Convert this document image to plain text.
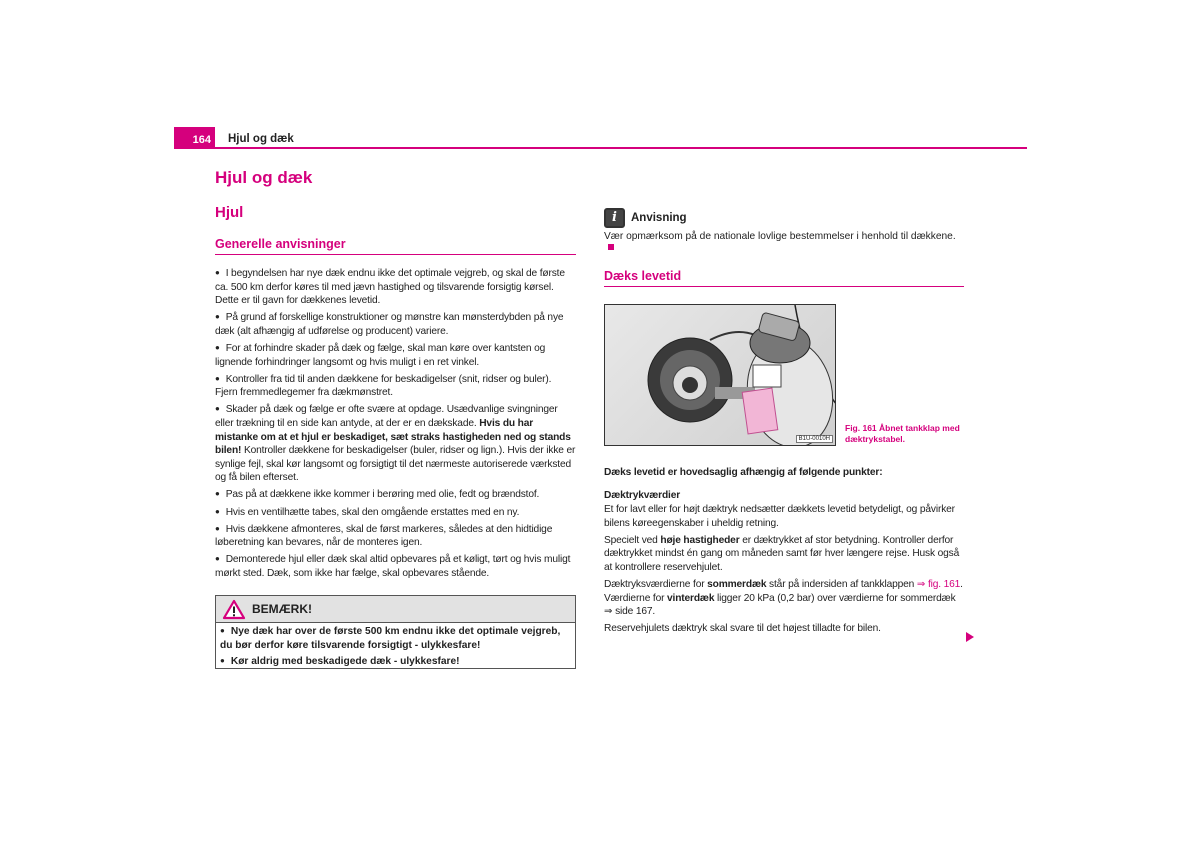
164	Hjul og dæk
Hjul og dæk
Hjul
Generelle anvisninger

● I begyndelsen har nye dæk endnu ikke det optimale vejgreb, og skal de første ca. 500 km derfor køres til med jævn hastighed og tilsvarende forsigtig kørsel. Dette er til gavn for dækkenes levetid.

● På grund af forskellige konstruktioner og mønstre kan mønsterdybden på nye dæk (alt afhængig af udførelse og producent) variere.

● For at forhindre skader på dæk og fælge, skal man køre over kantsten og lignende forhindringer langsomt og hvis muligt i en ret vinkel.

● Kontroller fra tid til anden dækkene for beskadigelser (snit, ridser og buler). Fjern fremmedlegemer fra dækmønstret.

● Skader på dæk og fælge er ofte svære at opdage. Usædvanlige svingninger eller trækning til en side kan antyde, at der er en dækskade. Hvis du har mistanke om at et hjul er beskadiget, sæt straks hastigheden ned og stands bilen! Kontroller dækkene for beskadigelser (buler, ridser og lign.). Hvis der ikke er synlige fejl, skal kør langsomt og forsigtigt til det nærmeste autoriserede værksted og få bilen efterset.

● Pas på at dækkene ikke kommer i berøring med olie, fedt og brændstof.

● Hvis en ventilhætte tabes, skal den omgående erstattes med en ny.

● Hvis dækkene afmonteres, skal de først markeres, således at den hidtidige løberetning kan bevares, når de monteres igen.

● Demonterede hjul eller dæk skal altid opbevares på et køligt, tørt og hvis muligt mørkt sted. Dæk, som ikke har fælge, skal opbevares stående.

BEMÆRK!

● Nye dæk har over de første 500 km endnu ikke det optimale vejgreb, du bør derfor køre tilsvarende forsigtigt - ulykkesfare!

● Kør aldrig med beskadigede dæk - ulykkesfare!

i	Anvisning
Vær opmærksom på de nationale lovlige bestemmelser i henhold til dækkene.
Dæks levetid
B1U-0010H
Fig. 161 Åbnet tankklap med dæktrykstabel.

Dæks levetid er hovedsaglig afhængig af følgende punkter:

Dæktrykværdier

Et for lavt eller for højt dæktryk nedsætter dækkets levetid betydeligt, og påvirker bilens køreegenskaber i uheldig retning.

Specielt ved høje hastigheder er dæktrykket af stor betydning. Kontroller derfor dæktrykket mindst én gang om måneden samt før hver længere rejse. Husk også at kontrollere reservehjulet.

Dæktryksværdierne for sommerdæk står på indersiden af tankklappen ⇒ fig. 161. Værdierne for vinterdæk ligger 20 kPa (0,2 bar) over værdierne for sommerdæk ⇒ side 167.

Reservehjulets dæktryk skal svare til det højest tilladte for bilen.
